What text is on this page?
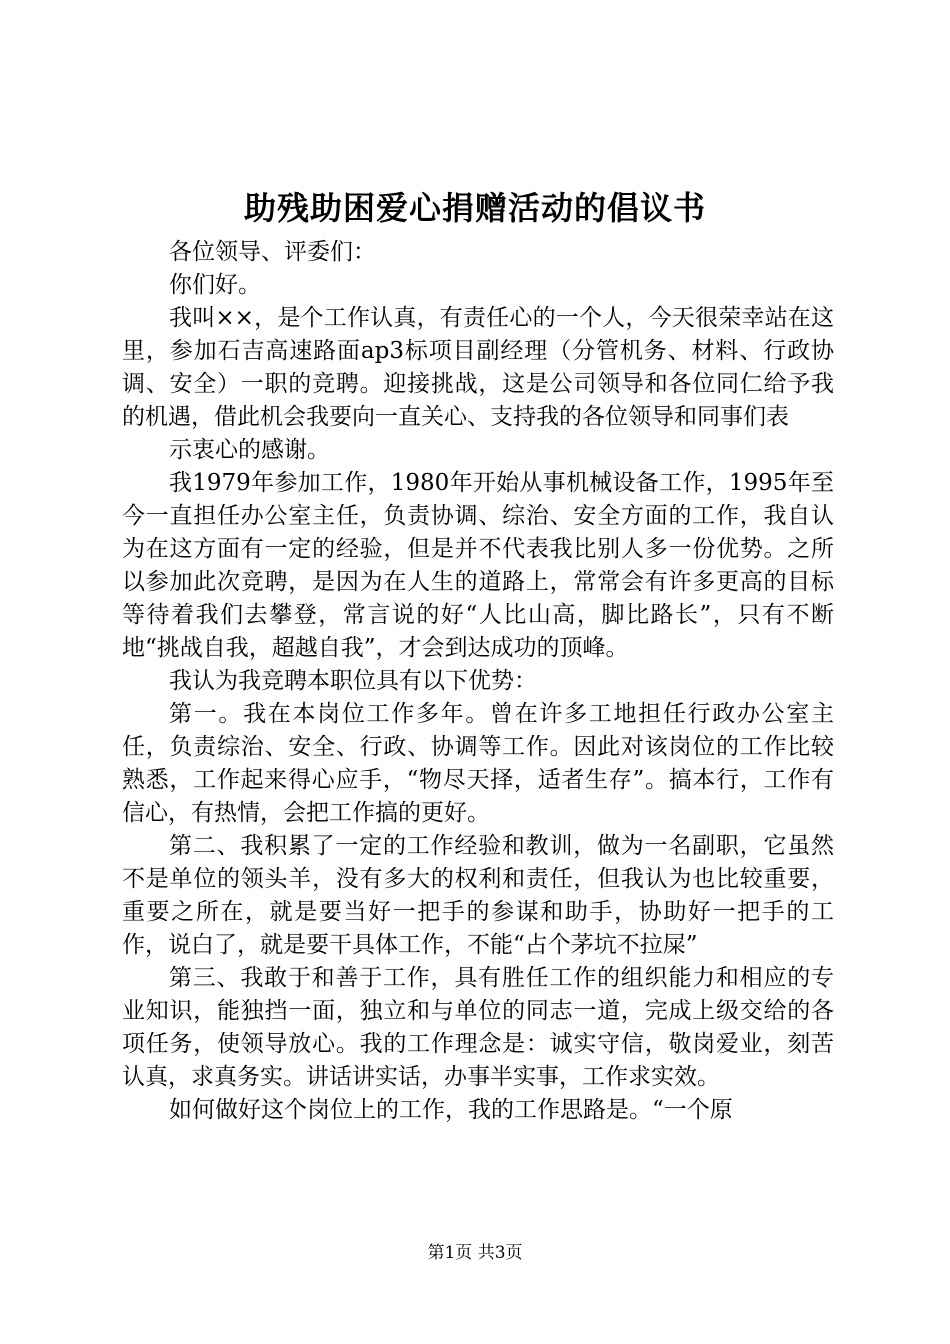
助残助困爱心捐赠活动的倡议书

各位领导、评委们：

你们好。

我叫××，是个工作认真，有责任心的一个人，今天很荣幸站在这里，参加石吉高速路面ap3标项目副经理（分管机务、材料、行政协调、安全）一职的竞聘。迎接挑战，这是公司领导和各位同仁给予我的机遇，借此机会我要向一直关心、支持我的各位领导和同事们表

示衷心的感谢。

我1979年参加工作，1980年开始从事机械设备工作，1995年至今一直担任办公室主任，负责协调、综治、安全方面的工作，我自认为在这方面有一定的经验，但是并不代表我比别人多一份优势。之所以参加此次竞聘，是因为在人生的道路上，常常会有许多更高的目标等待着我们去攀登，常言说的好“人比山高，脚比路长”，只有不断地“挑战自我，超越自我”，才会到达成功的顶峰。

我认为我竞聘本职位具有以下优势：

第一。我在本岗位工作多年。曾在许多工地担任行政办公室主任，负责综治、安全、行政、协调等工作。因此对该岗位的工作比较熟悉，工作起来得心应手，“物尽天择，适者生存”。搞本行，工作有信心，有热情，会把工作搞的更好。

第二、我积累了一定的工作经验和教训，做为一名副职，它虽然不是单位的领头羊，没有多大的权利和责任，但我认为也比较重要，重要之所在，就是要当好一把手的参谋和助手，协助好一把手的工作，说白了，就是要干具体工作，不能“占个茅坑不拉屎”

第三、我敢于和善于工作，具有胜任工作的组织能力和相应的专业知识，能独挡一面，独立和与单位的同志一道，完成上级交给的各项任务，使领导放心。我的工作理念是：诚实守信，敬岗爱业，刻苦认真，求真务实。讲话讲实话，办事半实事，工作求实效。

如何做好这个岗位上的工作，我的工作思路是。“一个原

第1页 共3页
